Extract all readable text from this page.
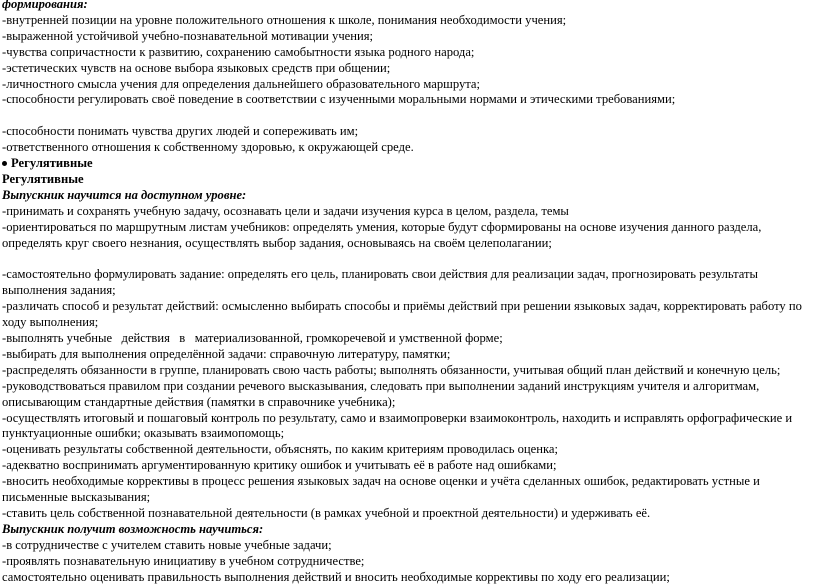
формирования:
-внутренней позиции на уровне положительного отношения к школе, понимания необходимости учения;
-выраженной устойчивой учебно-познавательной мотивации учения;
-чувства сопричастности к развитию, сохранению самобытности языка родного народа;
-эстетических чувств на основе выбора языковых средств при общении;
-личностного смысла учения для определения дальнейшего образовательного маршрута;
-способности регулировать своё поведение в соответствии с изученными моральными нормами и этическими требованиями;
-способности понимать чувства других людей и сопереживать им;
-ответственного отношения к собственному здоровью, к окружающей среде.
Регулятивные
Регулятивные
Выпускник научится на доступном уровне:
-принимать и сохранять учебную задачу, осознавать цели и задачи изучения курса в целом, раздела, темы
-ориентироваться по маршрутным листам учебников: определять умения, которые будут сформированы на основе изучения данного раздела, определять круг своего незнания, осуществлять выбор задания, основываясь на своём целеполагании;
-самостоятельно формулировать задание: определять его цель, планировать свои действия для реализации задач, прогнозировать результаты выполнения задания;
-различать способ и результат действий: осмысленно выбирать способы и приёмы действий при решении языковых задач, корректировать работу по ходу выполнения;
-выполнять учебные   действия   в   материализованной, громкоречевой и умственной форме;
-выбирать для выполнения определённой задачи: справочную литературу, памятки;
-распределять обязанности в группе, планировать свою часть работы; выполнять обязанности, учитывая общий план действий и конечную цель;
-руководствоваться правилом при создании речевого высказывания, следовать при выполнении заданий инструкциям учителя и алгоритмам, описывающим стандартные действия (памятки в справочнике учебника);
-осуществлять итоговый и пошаговый контроль по результату, само и взаимопроверки взаимоконтроль, находить и исправлять орфографические и пунктуационные ошибки; оказывать взаимопомощь;
-оценивать результаты собственной деятельности, объяснять, по каким критериям проводилась оценка;
-адекватно воспринимать аргументированную критику ошибок и учитывать её в работе над ошибками;
-вносить необходимые коррективы в процесс решения языковых задач на основе оценки и учёта сделанных ошибок, редактировать устные и письменные высказывания;
-ставить цель собственной познавательной деятельности (в рамках учебной и проектной деятельности) и удерживать её.
Выпускник получит возможность научиться:
-в сотрудничестве с учителем ставить новые учебные задачи;
-проявлять познавательную инициативу в учебном сотрудничестве;
самостоятельно оценивать правильность выполнения действий и вносить необходимые коррективы по ходу его реализации;
